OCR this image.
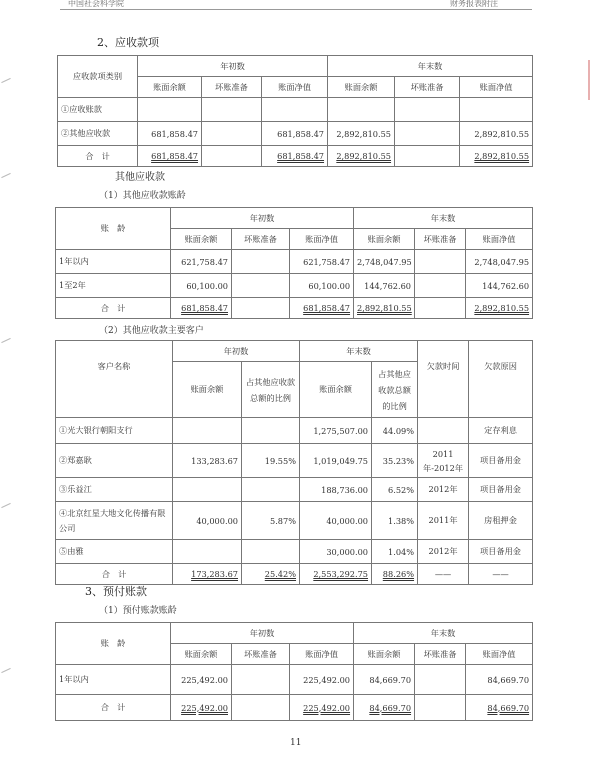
中国社会科学院	财务报表附注
2、应收款项
应收款项类别	年初数			年末数		
	账面余额	坏账准备	账面净值	账面余额	坏账准备	账面净值
①应收账款						
②其他应收款	681,858.47		681,858.47	2,892,810.55		2,892,810.55
合　计	681,858.47		681,858.47	2,892,810.55		2,892,810.55
其他应收款
（1）其他应收款账龄
账　龄	年初数			年末数		
	账面余额	坏账准备	账面净值	账面余额	坏账准备	账面净值
1年以内	621,758.47		621,758.47	2,748,047.95		2,748,047.95
1至2年	60,100.00		60,100.00	144,762.60		144,762.60
合　计	681,858.47		681,858.47	2,892,810.55		2,892,810.55
（2）其他应收款主要客户
客户名称	年初数		年末数		欠款时间	欠款原因
	账面余额	占其他应收款总额的比例	账面余额	占其他应收款总额的比例		
①光大银行朝阳支行			1,275,507.00	44.09%		定存利息
②郑嘉耿	133,283.67	19.55%	1,019,049.75	35.23%	2011年-2012年	项目备用金
③乐益江			188,736.00	6.52%	2012年	项目备用金
④北京红星大地文化传播有限公司	40,000.00	5.87%	40,000.00	1.38%	2011年	房租押金
⑤由雅			30,000.00	1.04%	2012年	项目备用金
合　计	173,283.67	25.42%	2,553,292.75	88.26%	——	——
3、预付账款
（1）预付账款账龄
账　龄	年初数			年末数		
	账面余额	坏账准备	账面净值	账面余额	坏账准备	账面净值
1年以内	225,492.00		225,492.00	84,669.70		84,669.70
合　计	225,492.00		225,492.00	84,669.70		84,669.70
11
